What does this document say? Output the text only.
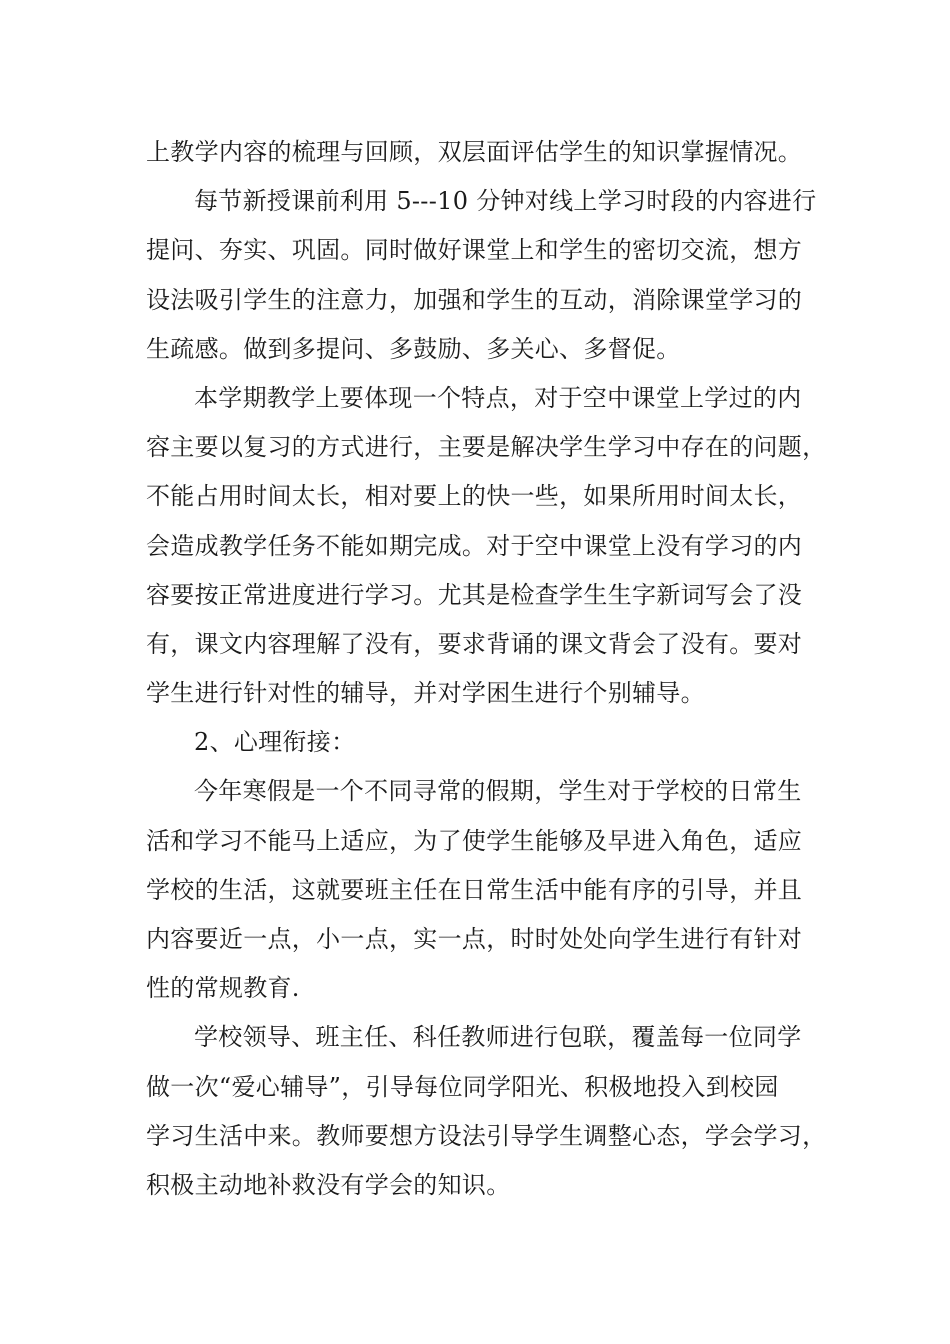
上教学内容的梳理与回顾，双层面评估学生的知识掌握情况。
每节新授课前利用 5---10 分钟对线上学习时段的内容进行
提问、夯实、巩固。同时做好课堂上和学生的密切交流，想方
设法吸引学生的注意力，加强和学生的互动，消除课堂学习的
生疏感。做到多提问、多鼓励、多关心、多督促。
本学期教学上要体现一个特点，对于空中课堂上学过的内
容主要以复习的方式进行，主要是解决学生学习中存在的问题，
不能占用时间太长，相对要上的快一些，如果所用时间太长，
会造成教学任务不能如期完成。对于空中课堂上没有学习的内
容要按正常进度进行学习。尤其是检查学生生字新词写会了没
有，课文内容理解了没有，要求背诵的课文背会了没有。要对
学生进行针对性的辅导，并对学困生进行个别辅导。
2、心理衔接：
今年寒假是一个不同寻常的假期，学生对于学校的日常生
活和学习不能马上适应，为了使学生能够及早进入角色，适应
学校的生活，这就要班主任在日常生活中能有序的引导，并且
内容要近一点，小一点，实一点，时时处处向学生进行有针对
性的常规教育.
学校领导、班主任、科任教师进行包联，覆盖每一位同学
做一次“爱心辅导”，引导每位同学阳光、积极地投入到校园
学习生活中来。教师要想方设法引导学生调整心态，学会学习，
积极主动地补救没有学会的知识。
